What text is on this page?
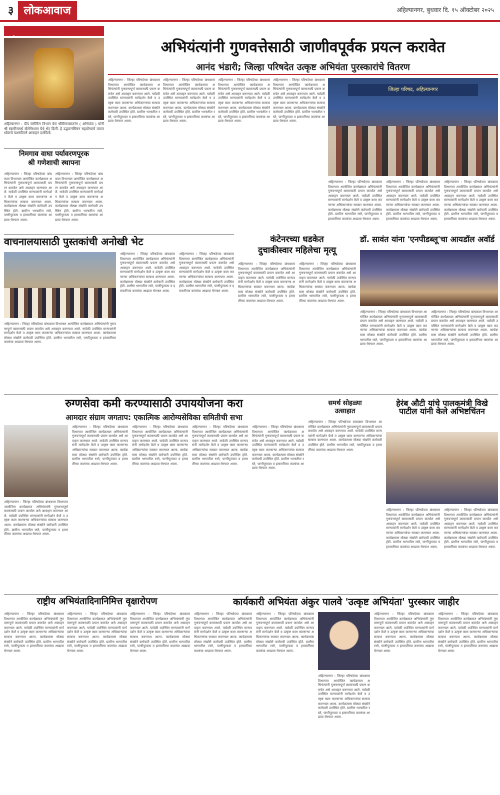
३ लोकआवाज	अहिल्यानगर, बुधवार दि. १५ ऑक्टोबर २०२५
अहिल्यानगर : दीप ब्लॉकिंग विभाग येथे श्रीविनायकतरंग ( अभियंता ) यांनी श्री स्वामीसमर्थ बोलेगेरधाम येथे भेट दिली. हे उद्घाटनसिंचन सहयोग्याचे व्याप्त ध्येयाचे यशस्वीपणे आवाहन दर्शवितो.
निमगाव वाघा पर्यावरणपूरक
श्री गणेशाची स्थापना
अहिल्यानगर : जिल्हा परिषदेच्या बांधकाम विभागात आयोजित कार्यक्रमात अभियंत्यांनी गुणवत्तापूर्ण कामासाठी प्रयत्न करावेत असे आवाहन करण्यात आले. यावेळी उपस्थित मान्यवरांनी मार्गदर्शन केले व उत्कृष्ट काम करणाऱ्या अधिकाऱ्यांचा सत्कार करण्यात आला. कार्यक्रमास मोठ्या संख्येने कर्मचारी उपस्थित होते. ग्रामीण भागातील रस्ते, पाणीपुरवठा व इमारतींच्या कामांचा आढावा घेण्यात आला.
अहिल्यानगर : जिल्हा परिषदेच्या बांधकाम विभागात आयोजित कार्यक्रमात अभियंत्यांनी गुणवत्तापूर्ण कामासाठी प्रयत्न करावेत असे आवाहन करण्यात आले. यावेळी उपस्थित मान्यवरांनी मार्गदर्शन केले व उत्कृष्ट काम करणाऱ्या अधिकाऱ्यांचा सत्कार करण्यात आला. कार्यक्रमास मोठ्या संख्येने कर्मचारी उपस्थित होते. ग्रामीण भागातील रस्ते, पाणीपुरवठा व इमारतींच्या कामांचा आढावा घेण्यात आला.
अभियंत्यांनी गुणवत्तेसाठी जाणीवपूर्वक प्रयत्न करावेत
आनंद भंडारी; जिल्हा परिषदेत उत्कृष्ट अभियंता पुरस्कारांचे वितरण
अहिल्यानगर : जिल्हा परिषदेच्या बांधकाम विभागात आयोजित कार्यक्रमात अभियंत्यांनी गुणवत्तापूर्ण कामासाठी प्रयत्न करावेत असे आवाहन करण्यात आले. यावेळी उपस्थित मान्यवरांनी मार्गदर्शन केले व उत्कृष्ट काम करणाऱ्या अधिकाऱ्यांचा सत्कार करण्यात आला. कार्यक्रमास मोठ्या संख्येने कर्मचारी उपस्थित होते. ग्रामीण भागातील रस्ते, पाणीपुरवठा व इमारतींच्या कामांचा आढावा घेण्यात आला.
अहिल्यानगर : जिल्हा परिषदेच्या बांधकाम विभागात आयोजित कार्यक्रमात अभियंत्यांनी गुणवत्तापूर्ण कामासाठी प्रयत्न करावेत असे आवाहन करण्यात आले. यावेळी उपस्थित मान्यवरांनी मार्गदर्शन केले व उत्कृष्ट काम करणाऱ्या अधिकाऱ्यांचा सत्कार करण्यात आला. कार्यक्रमास मोठ्या संख्येने कर्मचारी उपस्थित होते. ग्रामीण भागातील रस्ते, पाणीपुरवठा व इमारतींच्या कामांचा आढावा घेण्यात आला.
अहिल्यानगर : जिल्हा परिषदेच्या बांधकाम विभागात आयोजित कार्यक्रमात अभियंत्यांनी गुणवत्तापूर्ण कामासाठी प्रयत्न करावेत असे आवाहन करण्यात आले. यावेळी उपस्थित मान्यवरांनी मार्गदर्शन केले व उत्कृष्ट काम करणाऱ्या अधिकाऱ्यांचा सत्कार करण्यात आला. कार्यक्रमास मोठ्या संख्येने कर्मचारी उपस्थित होते. ग्रामीण भागातील रस्ते, पाणीपुरवठा व इमारतींच्या कामांचा आढावा घेण्यात आला.
अहिल्यानगर : जिल्हा परिषदेच्या बांधकाम विभागात आयोजित कार्यक्रमात अभियंत्यांनी गुणवत्तापूर्ण कामासाठी प्रयत्न करावेत असे आवाहन करण्यात आले. यावेळी उपस्थित मान्यवरांनी मार्गदर्शन केले व उत्कृष्ट काम करणाऱ्या अधिकाऱ्यांचा सत्कार करण्यात आला. कार्यक्रमास मोठ्या संख्येने कर्मचारी उपस्थित होते. ग्रामीण भागातील रस्ते, पाणीपुरवठा व इमारतींच्या कामांचा आढावा घेण्यात आला.
जिल्हा परिषद, अहिल्यानगर
अहिल्यानगर : जिल्हा परिषदेच्या बांधकाम विभागात आयोजित कार्यक्रमात अभियंत्यांनी गुणवत्तापूर्ण कामासाठी प्रयत्न करावेत असे आवाहन करण्यात आले. यावेळी उपस्थित मान्यवरांनी मार्गदर्शन केले व उत्कृष्ट काम करणाऱ्या अधिकाऱ्यांचा सत्कार करण्यात आला. कार्यक्रमास मोठ्या संख्येने कर्मचारी उपस्थित होते. ग्रामीण भागातील रस्ते, पाणीपुरवठा व इमारतींच्या कामांचा आढावा घेण्यात आला.
अहिल्यानगर : जिल्हा परिषदेच्या बांधकाम विभागात आयोजित कार्यक्रमात अभियंत्यांनी गुणवत्तापूर्ण कामासाठी प्रयत्न करावेत असे आवाहन करण्यात आले. यावेळी उपस्थित मान्यवरांनी मार्गदर्शन केले व उत्कृष्ट काम करणाऱ्या अधिकाऱ्यांचा सत्कार करण्यात आला. कार्यक्रमास मोठ्या संख्येने कर्मचारी उपस्थित होते. ग्रामीण भागातील रस्ते, पाणीपुरवठा व इमारतींच्या कामांचा आढावा घेण्यात आला.
अहिल्यानगर : जिल्हा परिषदेच्या बांधकाम विभागात आयोजित कार्यक्रमात अभियंत्यांनी गुणवत्तापूर्ण कामासाठी प्रयत्न करावेत असे आवाहन करण्यात आले. यावेळी उपस्थित मान्यवरांनी मार्गदर्शन केले व उत्कृष्ट काम करणाऱ्या अधिकाऱ्यांचा सत्कार करण्यात आला. कार्यक्रमास मोठ्या संख्येने कर्मचारी उपस्थित होते. ग्रामीण भागातील रस्ते, पाणीपुरवठा व इमारतींच्या कामांचा आढावा घेण्यात आला.
वाचनालयासाठी पुस्तकांची अनोखी भेट
अहिल्यानगर : जिल्हा परिषदेच्या बांधकाम विभागात आयोजित कार्यक्रमात अभियंत्यांनी गुणवत्तापूर्ण कामासाठी प्रयत्न करावेत असे आवाहन करण्यात आले. यावेळी उपस्थित मान्यवरांनी मार्गदर्शन केले व उत्कृष्ट काम करणाऱ्या अधिकाऱ्यांचा सत्कार करण्यात आला. कार्यक्रमास मोठ्या संख्येने कर्मचारी उपस्थित होते. ग्रामीण भागातील रस्ते, पाणीपुरवठा व इमारतींच्या कामांचा आढावा घेण्यात आला.
अहिल्यानगर : जिल्हा परिषदेच्या बांधकाम विभागात आयोजित कार्यक्रमात अभियंत्यांनी गुणवत्तापूर्ण कामासाठी प्रयत्न करावेत असे आवाहन करण्यात आले. यावेळी उपस्थित मान्यवरांनी मार्गदर्शन केले व उत्कृष्ट काम करणाऱ्या अधिकाऱ्यांचा सत्कार करण्यात आला. कार्यक्रमास मोठ्या संख्येने कर्मचारी उपस्थित होते. ग्रामीण भागातील रस्ते, पाणीपुरवठा व इमारतींच्या कामांचा आढावा घेण्यात आला.
अहिल्यानगर : जिल्हा परिषदेच्या बांधकाम विभागात आयोजित कार्यक्रमात अभियंत्यांनी गुणवत्तापूर्ण कामासाठी प्रयत्न करावेत असे आवाहन करण्यात आले. यावेळी उपस्थित मान्यवरांनी मार्गदर्शन केले व उत्कृष्ट काम करणाऱ्या अधिकाऱ्यांचा सत्कार करण्यात आला. कार्यक्रमास मोठ्या संख्येने कर्मचारी उपस्थित होते. ग्रामीण भागातील रस्ते, पाणीपुरवठा व इमारतींच्या कामांचा आढावा घेण्यात आला.
कंटेनरच्या धडकेत
दुचाकीस्वार महिलेचा मृत्यू
अहिल्यानगर : जिल्हा परिषदेच्या बांधकाम विभागात आयोजित कार्यक्रमात अभियंत्यांनी गुणवत्तापूर्ण कामासाठी प्रयत्न करावेत असे आवाहन करण्यात आले. यावेळी उपस्थित मान्यवरांनी मार्गदर्शन केले व उत्कृष्ट काम करणाऱ्या अधिकाऱ्यांचा सत्कार करण्यात आला. कार्यक्रमास मोठ्या संख्येने कर्मचारी उपस्थित होते. ग्रामीण भागातील रस्ते, पाणीपुरवठा व इमारतींच्या कामांचा आढावा घेण्यात आला.
अहिल्यानगर : जिल्हा परिषदेच्या बांधकाम विभागात आयोजित कार्यक्रमात अभियंत्यांनी गुणवत्तापूर्ण कामासाठी प्रयत्न करावेत असे आवाहन करण्यात आले. यावेळी उपस्थित मान्यवरांनी मार्गदर्शन केले व उत्कृष्ट काम करणाऱ्या अधिकाऱ्यांचा सत्कार करण्यात आला. कार्यक्रमास मोठ्या संख्येने कर्मचारी उपस्थित होते. ग्रामीण भागातील रस्ते, पाणीपुरवठा व इमारतींच्या कामांचा आढावा घेण्यात आला.
डॉ. सावंत यांना 'एनपीडब्लू'चा आयडॉल अवॉर्ड
अहिल्यानगर : जिल्हा परिषदेच्या बांधकाम विभागात आयोजित कार्यक्रमात अभियंत्यांनी गुणवत्तापूर्ण कामासाठी प्रयत्न करावेत असे आवाहन करण्यात आले. यावेळी उपस्थित मान्यवरांनी मार्गदर्शन केले व उत्कृष्ट काम करणाऱ्या अधिकाऱ्यांचा सत्कार करण्यात आला. कार्यक्रमास मोठ्या संख्येने कर्मचारी उपस्थित होते. ग्रामीण भागातील रस्ते, पाणीपुरवठा व इमारतींच्या कामांचा आढावा घेण्यात आला.
अहिल्यानगर : जिल्हा परिषदेच्या बांधकाम विभागात आयोजित कार्यक्रमात अभियंत्यांनी गुणवत्तापूर्ण कामासाठी प्रयत्न करावेत असे आवाहन करण्यात आले. यावेळी उपस्थित मान्यवरांनी मार्गदर्शन केले व उत्कृष्ट काम करणाऱ्या अधिकाऱ्यांचा सत्कार करण्यात आला. कार्यक्रमास मोठ्या संख्येने कर्मचारी उपस्थित होते. ग्रामीण भागातील रस्ते, पाणीपुरवठा व इमारतींच्या कामांचा आढावा घेण्यात आला.
रुग्णसेवा कमी करण्यासाठी उपाययोजना करा
आमदार संग्राम जगताप: एकात्मिक आरोग्यसेविका समितीची सभा
अहिल्यानगर : जिल्हा परिषदेच्या बांधकाम विभागात आयोजित कार्यक्रमात अभियंत्यांनी गुणवत्तापूर्ण कामासाठी प्रयत्न करावेत असे आवाहन करण्यात आले. यावेळी उपस्थित मान्यवरांनी मार्गदर्शन केले व उत्कृष्ट काम करणाऱ्या अधिकाऱ्यांचा सत्कार करण्यात आला. कार्यक्रमास मोठ्या संख्येने कर्मचारी उपस्थित होते. ग्रामीण भागातील रस्ते, पाणीपुरवठा व इमारतींच्या कामांचा आढावा घेण्यात आला.
अहिल्यानगर : जिल्हा परिषदेच्या बांधकाम विभागात आयोजित कार्यक्रमात अभियंत्यांनी गुणवत्तापूर्ण कामासाठी प्रयत्न करावेत असे आवाहन करण्यात आले. यावेळी उपस्थित मान्यवरांनी मार्गदर्शन केले व उत्कृष्ट काम करणाऱ्या अधिकाऱ्यांचा सत्कार करण्यात आला. कार्यक्रमास मोठ्या संख्येने कर्मचारी उपस्थित होते. ग्रामीण भागातील रस्ते, पाणीपुरवठा व इमारतींच्या कामांचा आढावा घेण्यात आला.
अहिल्यानगर : जिल्हा परिषदेच्या बांधकाम विभागात आयोजित कार्यक्रमात अभियंत्यांनी गुणवत्तापूर्ण कामासाठी प्रयत्न करावेत असे आवाहन करण्यात आले. यावेळी उपस्थित मान्यवरांनी मार्गदर्शन केले व उत्कृष्ट काम करणाऱ्या अधिकाऱ्यांचा सत्कार करण्यात आला. कार्यक्रमास मोठ्या संख्येने कर्मचारी उपस्थित होते. ग्रामीण भागातील रस्ते, पाणीपुरवठा व इमारतींच्या कामांचा आढावा घेण्यात आला.
अहिल्यानगर : जिल्हा परिषदेच्या बांधकाम विभागात आयोजित कार्यक्रमात अभियंत्यांनी गुणवत्तापूर्ण कामासाठी प्रयत्न करावेत असे आवाहन करण्यात आले. यावेळी उपस्थित मान्यवरांनी मार्गदर्शन केले व उत्कृष्ट काम करणाऱ्या अधिकाऱ्यांचा सत्कार करण्यात आला. कार्यक्रमास मोठ्या संख्येने कर्मचारी उपस्थित होते. ग्रामीण भागातील रस्ते, पाणीपुरवठा व इमारतींच्या कामांचा आढावा घेण्यात आला.
अहिल्यानगर : जिल्हा परिषदेच्या बांधकाम विभागात आयोजित कार्यक्रमात अभियंत्यांनी गुणवत्तापूर्ण कामासाठी प्रयत्न करावेत असे आवाहन करण्यात आले. यावेळी उपस्थित मान्यवरांनी मार्गदर्शन केले व उत्कृष्ट काम करणाऱ्या अधिकाऱ्यांचा सत्कार करण्यात आला. कार्यक्रमास मोठ्या संख्येने कर्मचारी उपस्थित होते. ग्रामीण भागातील रस्ते, पाणीपुरवठा व इमारतींच्या कामांचा आढावा घेण्यात आला.
समर्थ सोहळ्या
उत्साहात
अहिल्यानगर : जिल्हा परिषदेच्या बांधकाम विभागात आयोजित कार्यक्रमात अभियंत्यांनी गुणवत्तापूर्ण कामासाठी प्रयत्न करावेत असे आवाहन करण्यात आले. यावेळी उपस्थित मान्यवरांनी मार्गदर्शन केले व उत्कृष्ट काम करणाऱ्या अधिकाऱ्यांचा सत्कार करण्यात आला. कार्यक्रमास मोठ्या संख्येने कर्मचारी उपस्थित होते. ग्रामीण भागातील रस्ते, पाणीपुरवठा व इमारतींच्या कामांचा आढावा घेण्यात आला.
हेरंब औटी यांचे पालकमंत्री विखे पाटील यांनी केले अभिष्टचिंतन
अहिल्यानगर : जिल्हा परिषदेच्या बांधकाम विभागात आयोजित कार्यक्रमात अभियंत्यांनी गुणवत्तापूर्ण कामासाठी प्रयत्न करावेत असे आवाहन करण्यात आले. यावेळी उपस्थित मान्यवरांनी मार्गदर्शन केले व उत्कृष्ट काम करणाऱ्या अधिकाऱ्यांचा सत्कार करण्यात आला. कार्यक्रमास मोठ्या संख्येने कर्मचारी उपस्थित होते. ग्रामीण भागातील रस्ते, पाणीपुरवठा व इमारतींच्या कामांचा आढावा घेण्यात आला.
अहिल्यानगर : जिल्हा परिषदेच्या बांधकाम विभागात आयोजित कार्यक्रमात अभियंत्यांनी गुणवत्तापूर्ण कामासाठी प्रयत्न करावेत असे आवाहन करण्यात आले. यावेळी उपस्थित मान्यवरांनी मार्गदर्शन केले व उत्कृष्ट काम करणाऱ्या अधिकाऱ्यांचा सत्कार करण्यात आला. कार्यक्रमास मोठ्या संख्येने कर्मचारी उपस्थित होते. ग्रामीण भागातील रस्ते, पाणीपुरवठा व इमारतींच्या कामांचा आढावा घेण्यात आला.
राष्ट्रीय अभियंतादिनानिमित्त वृक्षारोपण
अहिल्यानगर : जिल्हा परिषदेच्या बांधकाम विभागात आयोजित कार्यक्रमात अभियंत्यांनी गुणवत्तापूर्ण कामासाठी प्रयत्न करावेत असे आवाहन करण्यात आले. यावेळी उपस्थित मान्यवरांनी मार्गदर्शन केले व उत्कृष्ट काम करणाऱ्या अधिकाऱ्यांचा सत्कार करण्यात आला. कार्यक्रमास मोठ्या संख्येने कर्मचारी उपस्थित होते. ग्रामीण भागातील रस्ते, पाणीपुरवठा व इमारतींच्या कामांचा आढावा घेण्यात आला.
अहिल्यानगर : जिल्हा परिषदेच्या बांधकाम विभागात आयोजित कार्यक्रमात अभियंत्यांनी गुणवत्तापूर्ण कामासाठी प्रयत्न करावेत असे आवाहन करण्यात आले. यावेळी उपस्थित मान्यवरांनी मार्गदर्शन केले व उत्कृष्ट काम करणाऱ्या अधिकाऱ्यांचा सत्कार करण्यात आला. कार्यक्रमास मोठ्या संख्येने कर्मचारी उपस्थित होते. ग्रामीण भागातील रस्ते, पाणीपुरवठा व इमारतींच्या कामांचा आढावा घेण्यात आला.
अहिल्यानगर : जिल्हा परिषदेच्या बांधकाम विभागात आयोजित कार्यक्रमात अभियंत्यांनी गुणवत्तापूर्ण कामासाठी प्रयत्न करावेत असे आवाहन करण्यात आले. यावेळी उपस्थित मान्यवरांनी मार्गदर्शन केले व उत्कृष्ट काम करणाऱ्या अधिकाऱ्यांचा सत्कार करण्यात आला. कार्यक्रमास मोठ्या संख्येने कर्मचारी उपस्थित होते. ग्रामीण भागातील रस्ते, पाणीपुरवठा व इमारतींच्या कामांचा आढावा घेण्यात आला.
कार्यकारी अभियंता अंकुर पालवे 'उत्कृष्ट अभियंता' पुरस्कार जाहीर
अहिल्यानगर : जिल्हा परिषदेच्या बांधकाम विभागात आयोजित कार्यक्रमात अभियंत्यांनी गुणवत्तापूर्ण कामासाठी प्रयत्न करावेत असे आवाहन करण्यात आले. यावेळी उपस्थित मान्यवरांनी मार्गदर्शन केले व उत्कृष्ट काम करणाऱ्या अधिकाऱ्यांचा सत्कार करण्यात आला. कार्यक्रमास मोठ्या संख्येने कर्मचारी उपस्थित होते. ग्रामीण भागातील रस्ते, पाणीपुरवठा व इमारतींच्या कामांचा आढावा घेण्यात आला.
अहिल्यानगर : जिल्हा परिषदेच्या बांधकाम विभागात आयोजित कार्यक्रमात अभियंत्यांनी गुणवत्तापूर्ण कामासाठी प्रयत्न करावेत असे आवाहन करण्यात आले. यावेळी उपस्थित मान्यवरांनी मार्गदर्शन केले व उत्कृष्ट काम करणाऱ्या अधिकाऱ्यांचा सत्कार करण्यात आला. कार्यक्रमास मोठ्या संख्येने कर्मचारी उपस्थित होते. ग्रामीण भागातील रस्ते, पाणीपुरवठा व इमारतींच्या कामांचा आढावा घेण्यात आला.
अहिल्यानगर : जिल्हा परिषदेच्या बांधकाम विभागात आयोजित कार्यक्रमात अभियंत्यांनी गुणवत्तापूर्ण कामासाठी प्रयत्न करावेत असे आवाहन करण्यात आले. यावेळी उपस्थित मान्यवरांनी मार्गदर्शन केले व उत्कृष्ट काम करणाऱ्या अधिकाऱ्यांचा सत्कार करण्यात आला. कार्यक्रमास मोठ्या संख्येने कर्मचारी उपस्थित होते. ग्रामीण भागातील रस्ते, पाणीपुरवठा व इमारतींच्या कामांचा आढावा घेण्यात आला.
अहिल्यानगर : जिल्हा परिषदेच्या बांधकाम विभागात आयोजित कार्यक्रमात अभियंत्यांनी गुणवत्तापूर्ण कामासाठी प्रयत्न करावेत असे आवाहन करण्यात आले. यावेळी उपस्थित मान्यवरांनी मार्गदर्शन केले व उत्कृष्ट काम करणाऱ्या अधिकाऱ्यांचा सत्कार करण्यात आला. कार्यक्रमास मोठ्या संख्येने कर्मचारी उपस्थित होते. ग्रामीण भागातील रस्ते, पाणीपुरवठा व इमारतींच्या कामांचा आढावा घेण्यात आला.
अहिल्यानगर : जिल्हा परिषदेच्या बांधकाम विभागात आयोजित कार्यक्रमात अभियंत्यांनी गुणवत्तापूर्ण कामासाठी प्रयत्न करावेत असे आवाहन करण्यात आले. यावेळी उपस्थित मान्यवरांनी मार्गदर्शन केले व उत्कृष्ट काम करणाऱ्या अधिकाऱ्यांचा सत्कार करण्यात आला. कार्यक्रमास मोठ्या संख्येने कर्मचारी उपस्थित होते. ग्रामीण भागातील रस्ते, पाणीपुरवठा व इमारतींच्या कामांचा आढावा घेण्यात आला.
